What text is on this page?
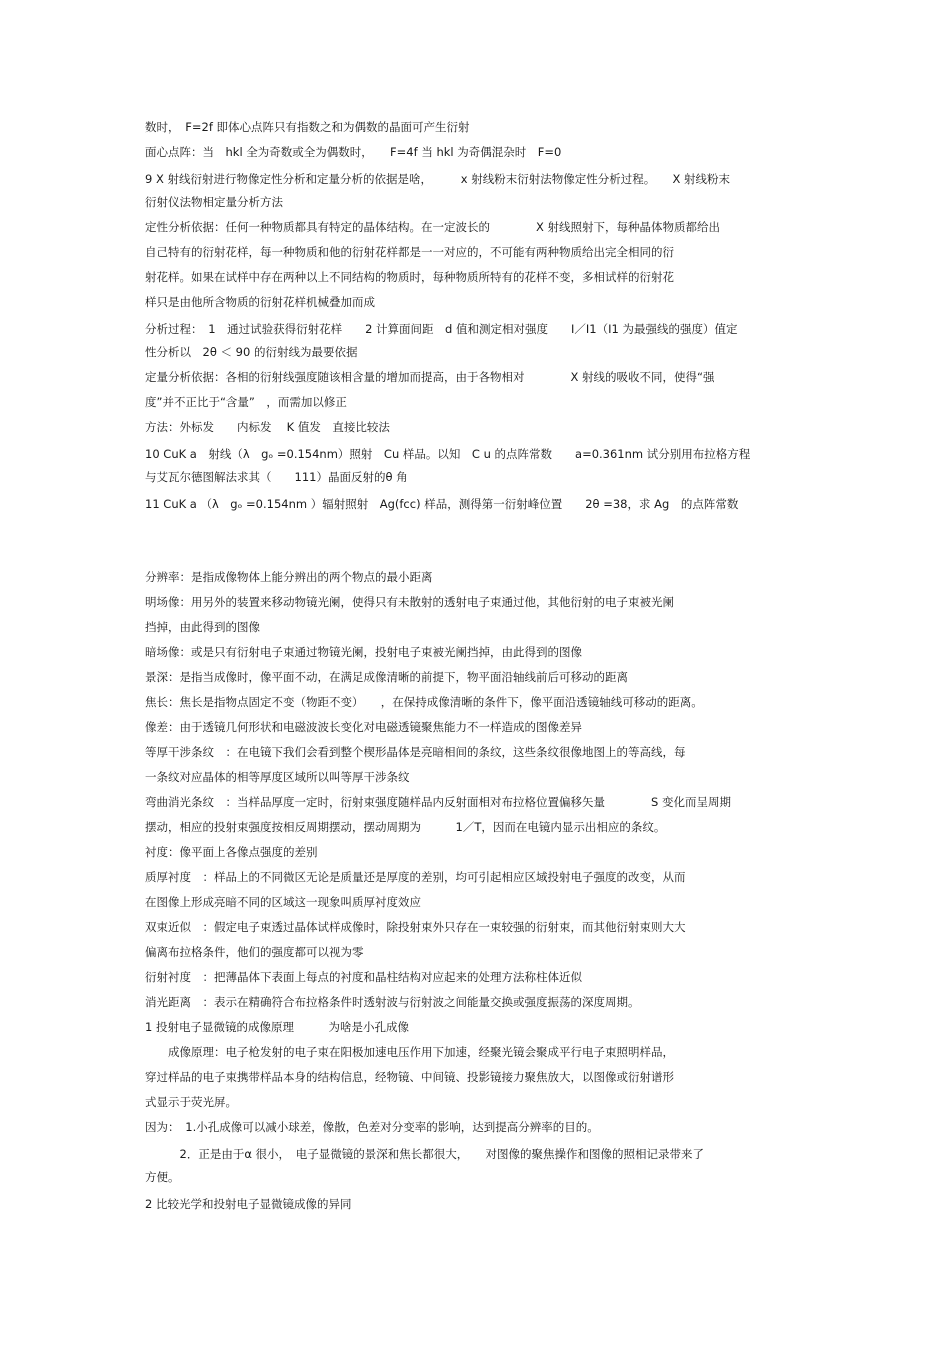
数时，　F=2f 即体心点阵只有指数之和为偶数的晶面可产生衍射
面心点阵：当　hkl 全为奇数或全为偶数时，　　F=4f 当 hkl 为奇偶混杂时　F=0
9 X 射线衍射进行物像定性分析和定量分析的依据是啥，　　　x 射线粉末衍射法物像定性分析过程。　　X 射线粉末
衍射仪法物相定量分析方法
定性分析依据：任何一种物质都具有特定的晶体结构。在一定波长的　　　　X 射线照射下，每种晶体物质都给出
自己特有的衍射花样，每一种物质和他的衍射花样都是一一对应的，不可能有两种物质给出完全相同的衍
射花样。如果在试样中存在两种以上不同结构的物质时，每种物质所特有的花样不变，多相试样的衍射花
样只是由他所含物质的衍射花样机械叠加而成
分析过程：　1　通过试验获得衍射花样　　2 计算面间距　d 值和测定相对强度　　I／I1（I1 为最强线的强度）值定
性分析以　2θ ＜ 90 的衍射线为最要依据
定量分析依据：各相的衍射线强度随该相含量的增加而提高，由于各物相对　　　　X 射线的吸收不同，使得“强
度”并不正比于“含量”　，而需加以修正
方法：外标发　　内标发　 K 值发　直接比较法
10 CuK a　射线（λ　gₒ =0.154nm）照射　Cu 样品。以知　C u 的点阵常数　　a=0.361nm 试分别用布拉格方程
与艾瓦尔德图解法求其（　　111）晶面反射的θ 角
11 CuK a （λ　gₒ =0.154nm ）辐射照射　Ag(fcc) 样品，测得第一衍射峰位置　　2θ =38，求 Ag　的点阵常数
分辨率：是指成像物体上能分辨出的两个物点的最小距离
明场像：用另外的装置来移动物镜光阑，使得只有未散射的透射电子束通过他，其他衍射的电子束被光阑
挡掉，由此得到的图像
暗场像：或是只有衍射电子束通过物镜光阑，投射电子束被光阑挡掉，由此得到的图像
景深：是指当成像时，像平面不动，在满足成像清晰的前提下，物平面沿轴线前后可移动的距离
焦长：焦长是指物点固定不变（物距不变）　　，在保持成像清晰的条件下，像平面沿透镜轴线可移动的距离。
像差：由于透镜几何形状和电磁波波长变化对电磁透镜聚焦能力不一样造成的图像差异
等厚干涉条纹　：在电镜下我们会看到整个楔形晶体是亮暗相间的条纹，这些条纹很像地图上的等高线，每
一条纹对应晶体的相等厚度区域所以叫等厚干涉条纹
弯曲消光条纹　：当样品厚度一定时，衍射束强度随样品内反射面相对布拉格位置偏移矢量　　　　S 变化而呈周期
摆动，相应的投射束强度按相反周期摆动，摆动周期为　　　1／T，因而在电镜内显示出相应的条纹。
衬度：像平面上各像点强度的差别
质厚衬度　：样品上的不同微区无论是质量还是厚度的差别，均可引起相应区域投射电子强度的改变，从而
在图像上形成亮暗不同的区域这一现象叫质厚衬度效应
双束近似　：假定电子束透过晶体试样成像时，除投射束外只存在一束较强的衍射束，而其他衍射束则大大
偏离布拉格条件，他们的强度都可以视为零
衍射衬度　：把薄晶体下表面上每点的衬度和晶柱结构对应起来的处理方法称柱体近似
消光距离　：表示在精确符合布拉格条件时透射波与衍射波之间能量交换或强度振荡的深度周期。
1 投射电子显微镜的成像原理　　　为啥是小孔成像
　　成像原理：电子枪发射的电子束在阳极加速电压作用下加速，经聚光镜会聚成平行电子束照明样品，
穿过样品的电子束携带样品本身的结构信息，经物镜、中间镜、投影镜接力聚焦放大，以图像或衍射谱形
式显示于荧光屏。
因为：　1.小孔成像可以减小球差，像散，色差对分变率的影响，达到提高分辨率的目的。
　　　2．正是由于α 很小，　电子显微镜的景深和焦长都很大，　　对图像的聚焦操作和图像的照相记录带来了
方便。
2 比较光学和投射电子显微镜成像的异同
